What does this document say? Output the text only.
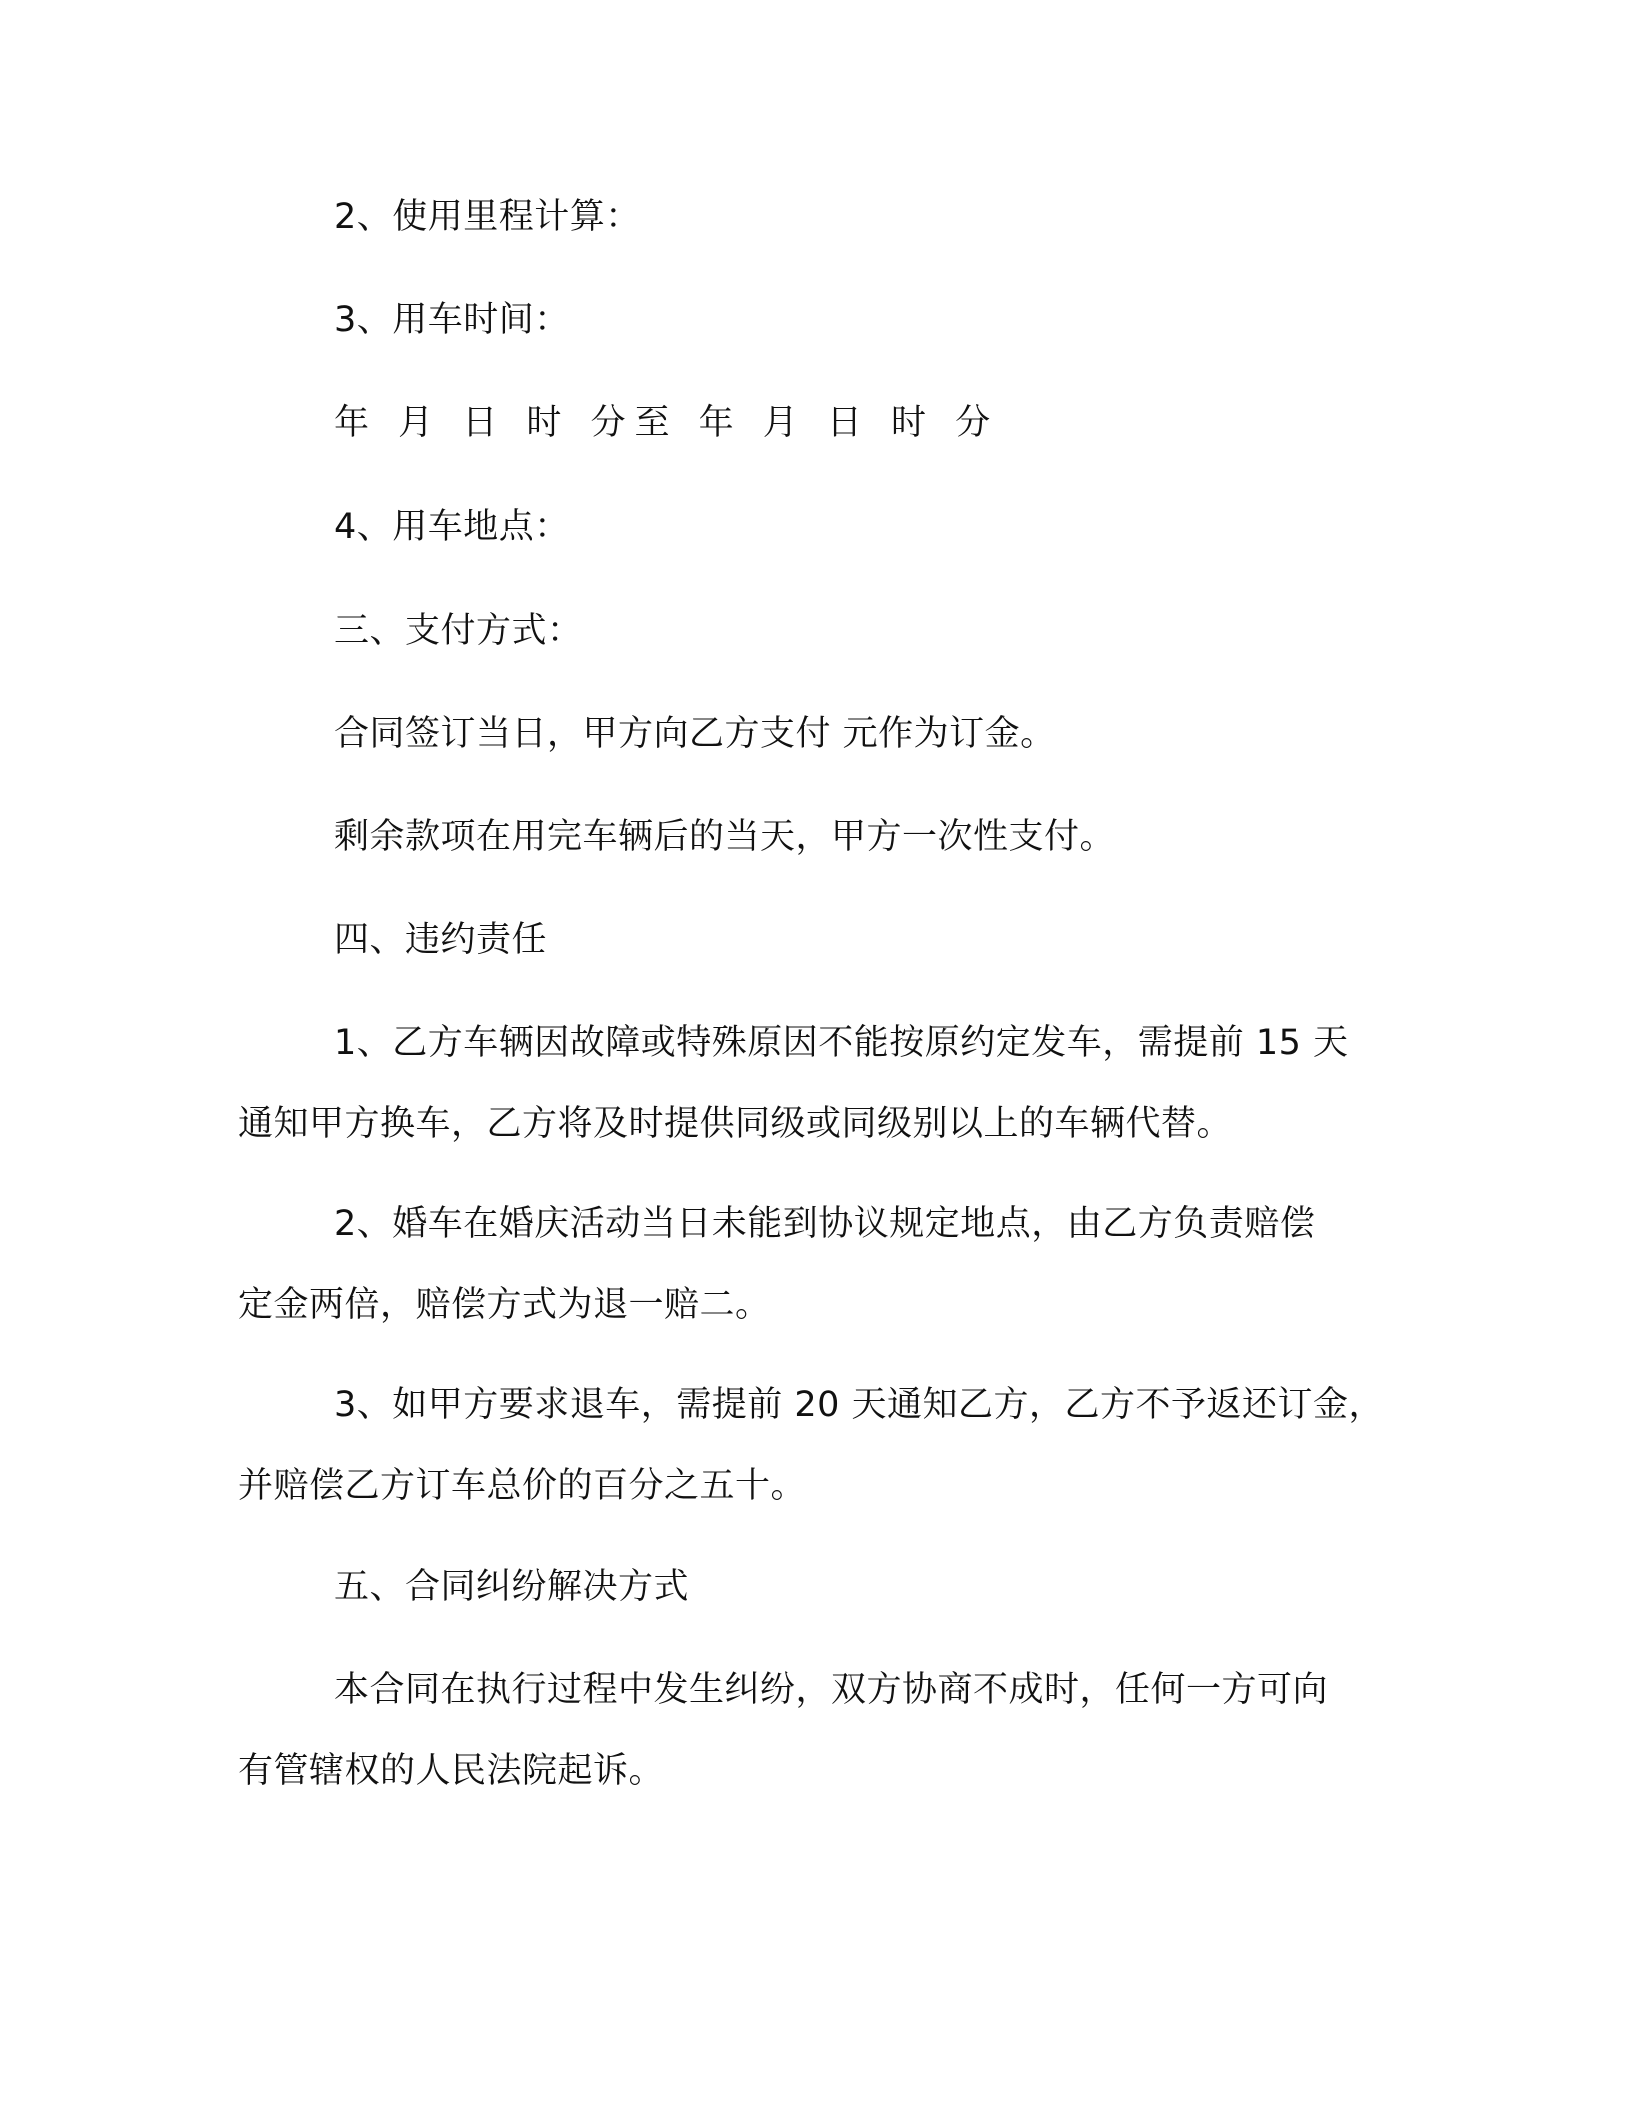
2、使用里程计算：
3、用车时间：
年 月 日 时 分至 年 月 日 时 分
4、用车地点：
三、支付方式：
合同签订当日，甲方向乙方支付 元作为订金。
剩余款项在用完车辆后的当天，甲方一次性支付。
四、违约责任
1、乙方车辆因故障或特殊原因不能按原约定发车，需提前 15 天
通知甲方换车，乙方将及时提供同级或同级别以上的车辆代替。
2、婚车在婚庆活动当日未能到协议规定地点，由乙方负责赔偿
定金两倍，赔偿方式为退一赔二。
3、如甲方要求退车，需提前 20 天通知乙方，乙方不予返还订金，
并赔偿乙方订车总价的百分之五十。
五、合同纠纷解决方式
本合同在执行过程中发生纠纷，双方协商不成时，任何一方可向
有管辖权的人民法院起诉。
